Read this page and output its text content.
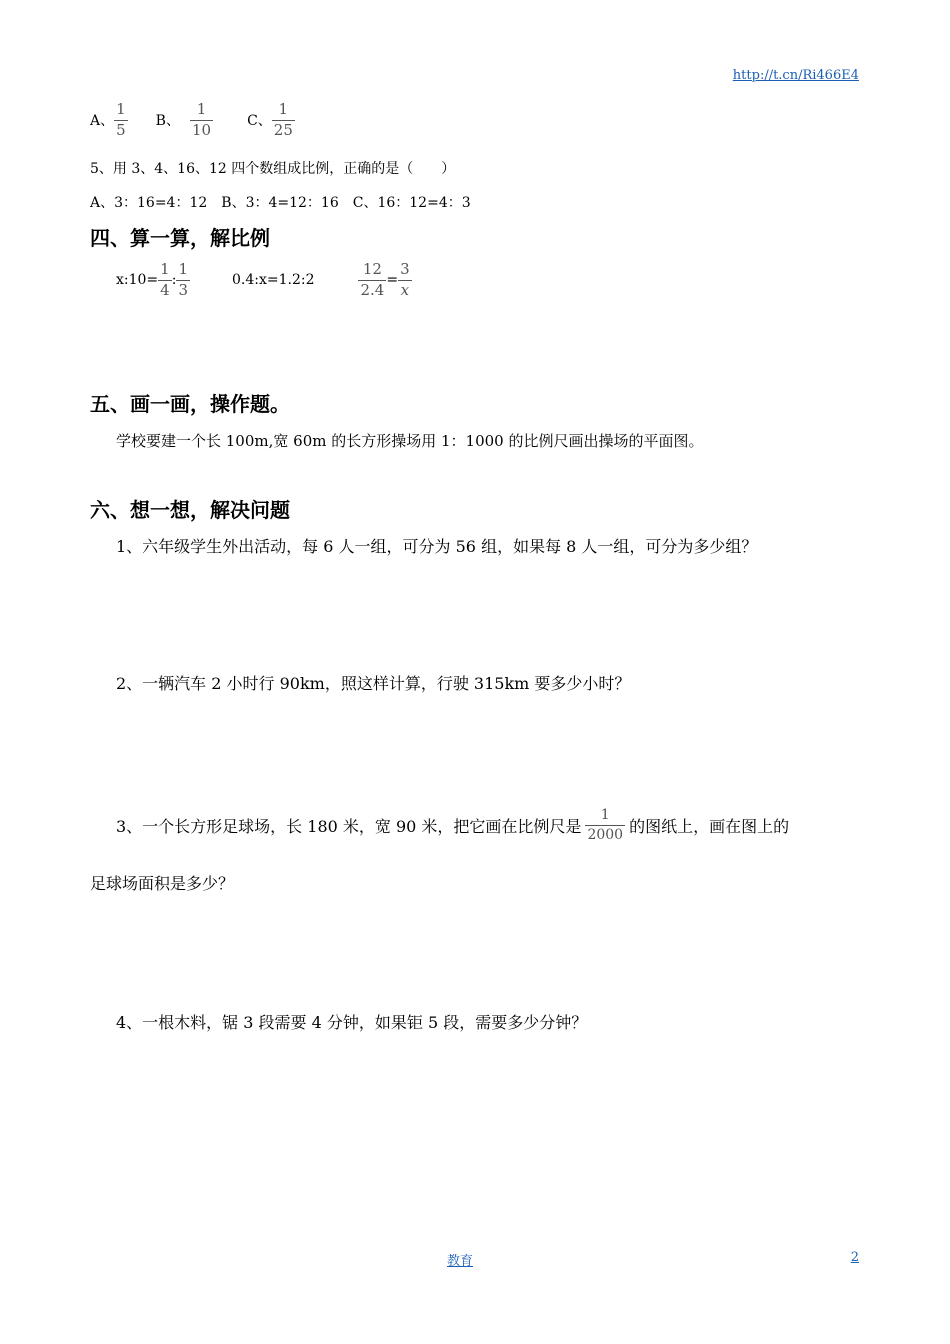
http://t.cn/Ri466E4
A、 $\frac{1}{5}$ B、 $\frac{1}{10}$ C、 $\frac{1}{25}$
5、用 3、4、16、12 四个数组成比例，正确的是（　　）
A、3：16=4：12　B、3：4=12：16　C、16：12=4：3
四、算一算，解比例
x:10= $\frac{1}{4}$ : $\frac{1}{3}$	0.4:x=1.2:2	$\frac{12}{2.4} = \frac{3}{x}$
五、画一画，操作题。
学校要建一个长 100m,宽 60m 的长方形操场用 1：1000 的比例尺画出操场的平面图。
六、想一想，解决问题
1、六年级学生外出活动，每 6 人一组，可分为 56 组，如果每 8 人一组，可分为多少组？
2、一辆汽车 2 小时行 90km，照这样计算，行驶 315km 要多少小时？
3、一个长方形足球场，长 180 米，宽 90 米，把它画在比例尺是 $\frac{1}{2000}$ 的图纸上，画在图上的
足球场面积是多少？
4、一根木料，锯 3 段需要 4 分钟，如果钜 5 段，需要多少分钟？
教育	2
